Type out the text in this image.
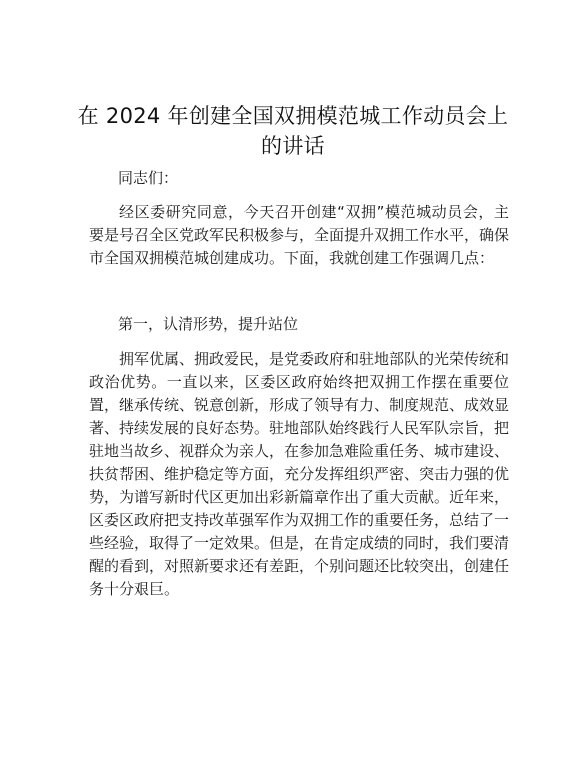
在 2024 年创建全国双拥模范城工作动员会上的讲话
同志们：

经区委研究同意，今天召开创建“双拥”模范城动员会，主要是号召全区党政军民积极参与，全面提升双拥工作水平，确保市全国双拥模范城创建成功。下面，我就创建工作强调几点：

第一，认清形势，提升站位

拥军优属、拥政爱民，是党委政府和驻地部队的光荣传统和政治优势。一直以来，区委区政府始终把双拥工作摆在重要位置，继承传统、锐意创新，形成了领导有力、制度规范、成效显著、持续发展的良好态势。驻地部队始终践行人民军队宗旨，把驻地当故乡、视群众为亲人，在参加急难险重任务、城市建设、扶贫帮困、维护稳定等方面，充分发挥组织严密、突击力强的优势，为谱写新时代区更加出彩新篇章作出了重大贡献。近年来，区委区政府把支持改革强军作为双拥工作的重要任务，总结了一些经验，取得了一定效果。但是，在肯定成绩的同时，我们要清醒的看到，对照新要求还有差距，个别问题还比较突出，创建任务十分艰巨。
